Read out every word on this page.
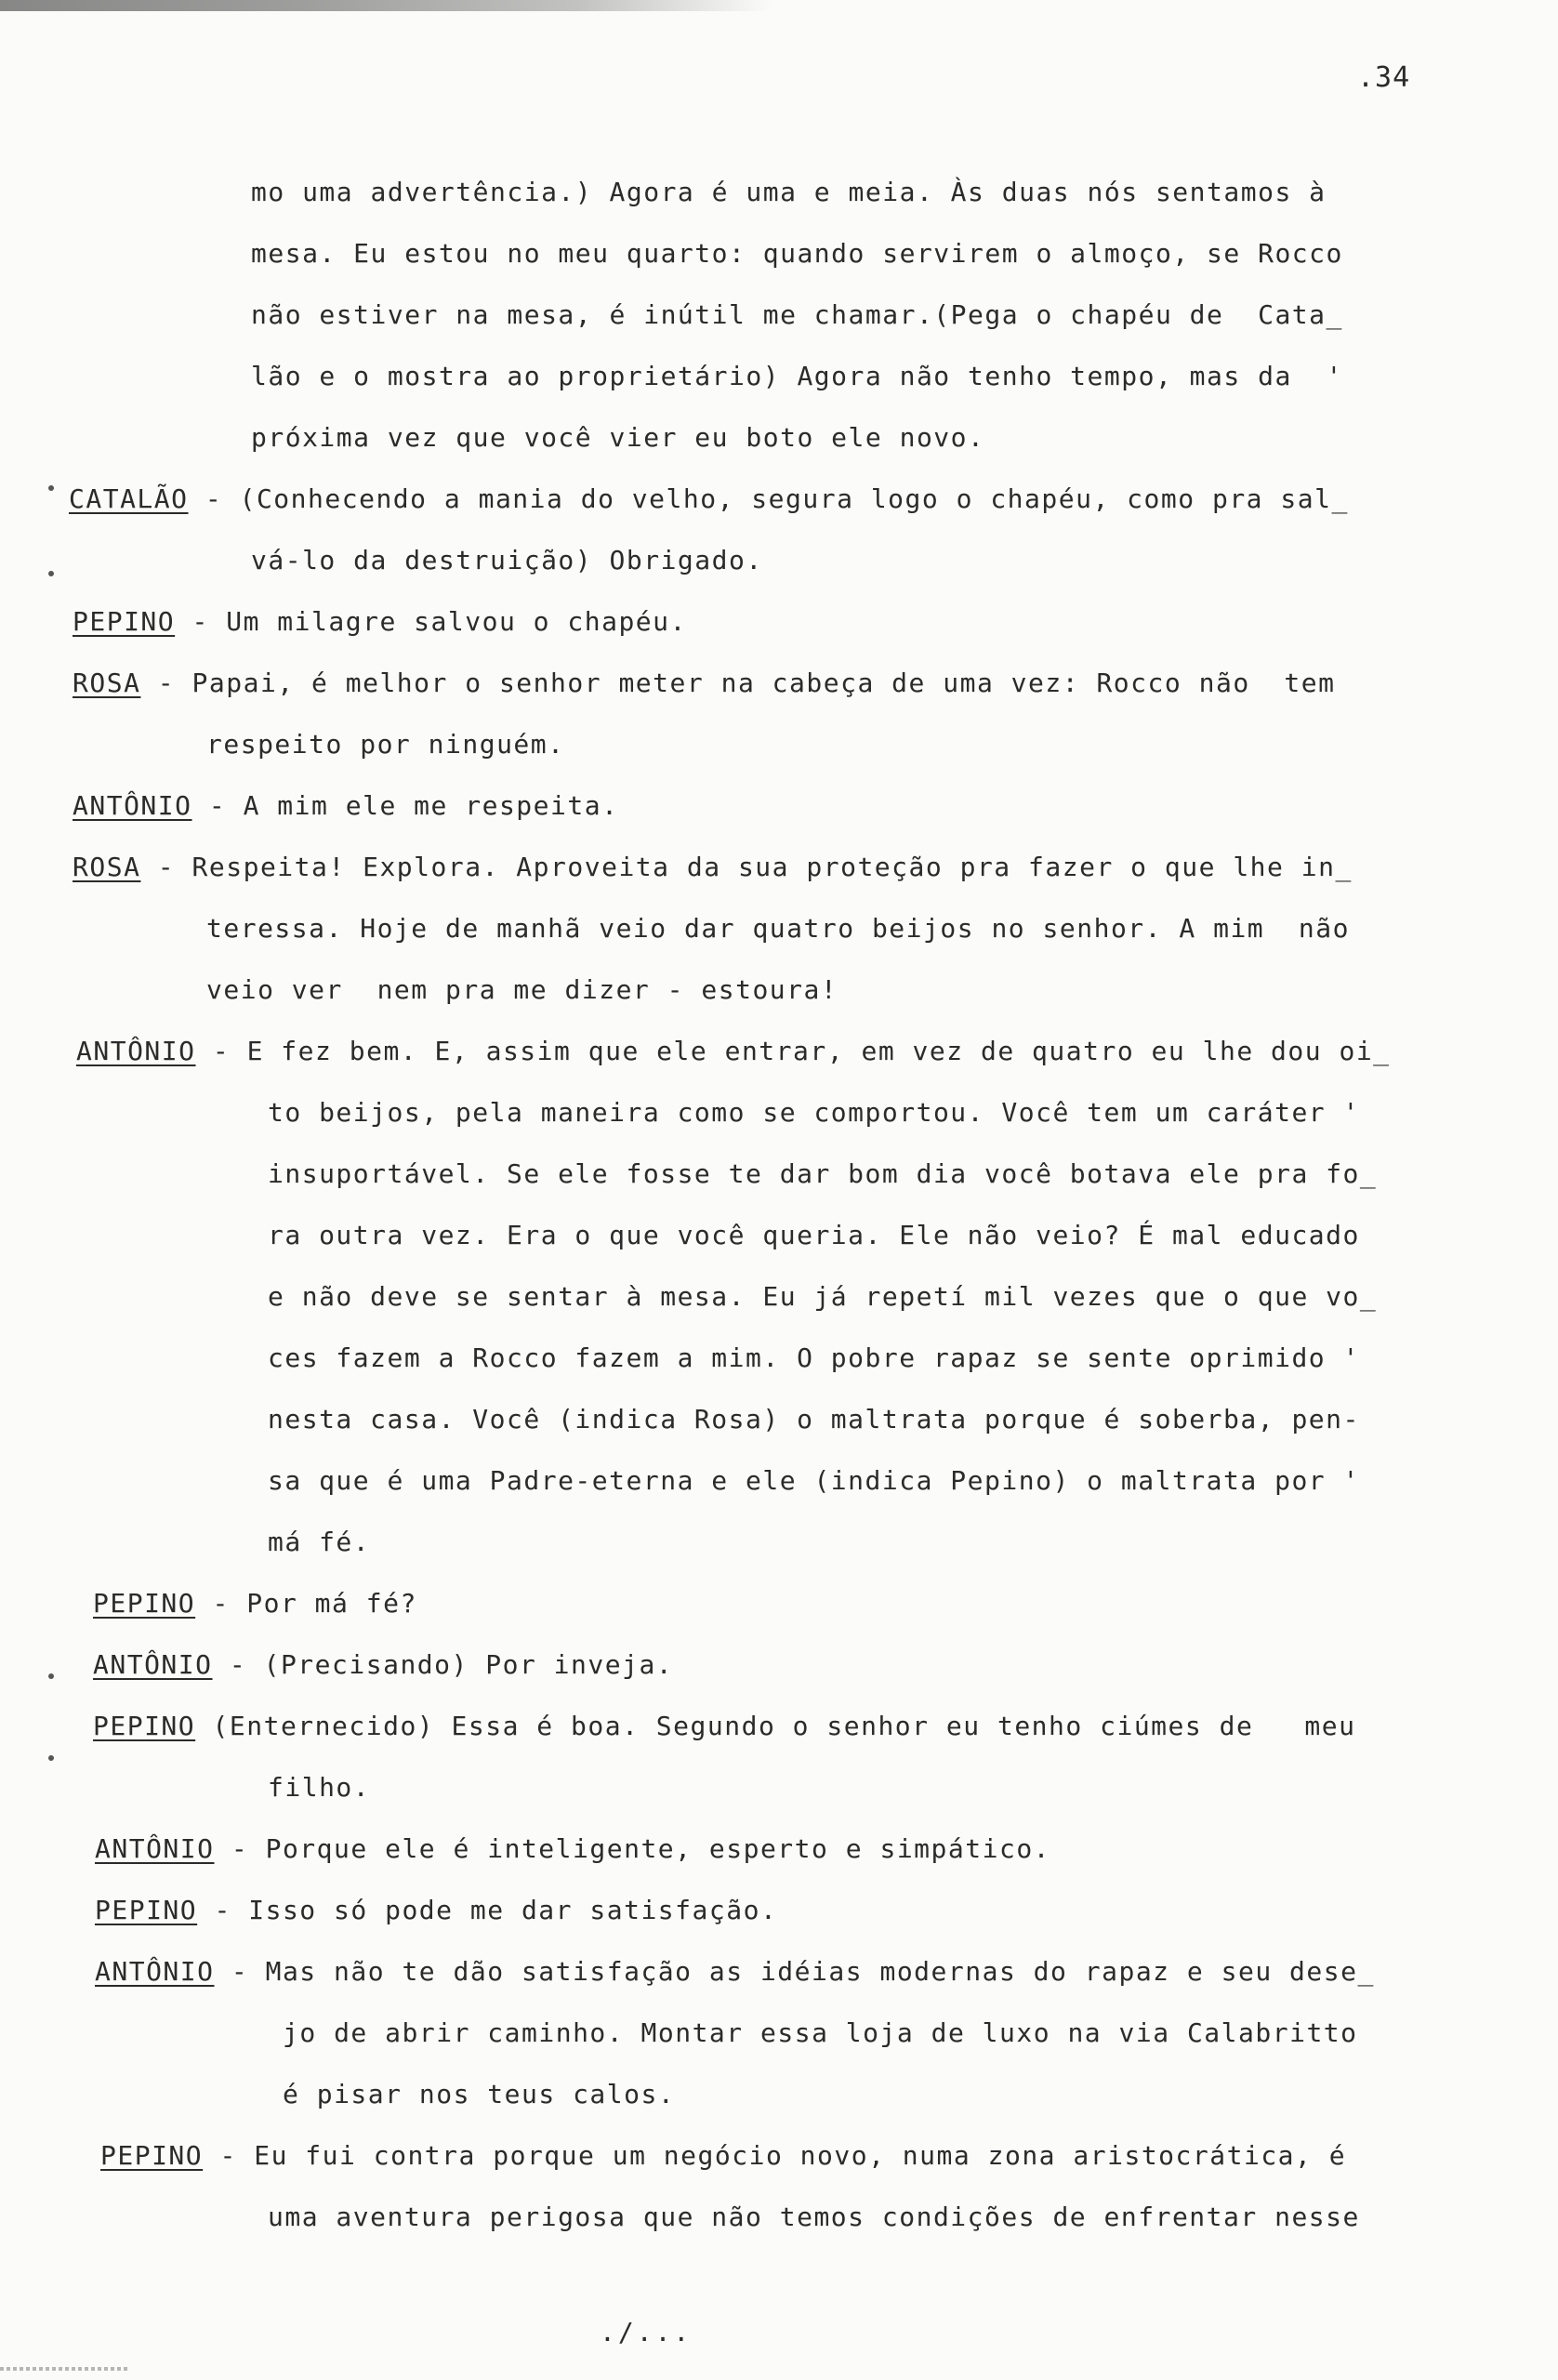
.34
mo uma advertência.) Agora é uma e meia. Às duas nós sentamos à
mesa. Eu estou no meu quarto: quando servirem o almoço, se Rocco
não estiver na mesa, é inútil me chamar.(Pega o chapéu de  Cata_
lão e o mostra ao proprietário) Agora não tenho tempo, mas da  '
próxima vez que você vier eu boto ele novo.
CATALÃO - (Conhecendo a mania do velho, segura logo o chapéu, como pra sal_
vá-lo da destruição) Obrigado.
PEPINO - Um milagre salvou o chapéu.
ROSA - Papai, é melhor o senhor meter na cabeça de uma vez: Rocco não  tem
respeito por ninguém.
ANTÔNIO - A mim ele me respeita.
ROSA - Respeita! Explora. Aproveita da sua proteção pra fazer o que lhe in_
teressa. Hoje de manhã veio dar quatro beijos no senhor. A mim  não
veio ver  nem pra me dizer - estoura!
ANTÔNIO - E fez bem. E, assim que ele entrar, em vez de quatro eu lhe dou oi_
to beijos, pela maneira como se comportou. Você tem um caráter '
insuportável. Se ele fosse te dar bom dia você botava ele pra fo_
ra outra vez. Era o que você queria. Ele não veio? É mal educado
e não deve se sentar à mesa. Eu já repetí mil vezes que o que vo_
ces fazem a Rocco fazem a mim. O pobre rapaz se sente oprimido '
nesta casa. Você (indica Rosa) o maltrata porque é soberba, pen-
sa que é uma Padre-eterna e ele (indica Pepino) o maltrata por '
má fé.
PEPINO - Por má fé?
ANTÔNIO - (Precisando) Por inveja.
PEPINO (Enternecido) Essa é boa. Segundo o senhor eu tenho ciúmes de   meu
filho.
ANTÔNIO - Porque ele é inteligente, esperto e simpático.
PEPINO - Isso só pode me dar satisfação.
ANTÔNIO - Mas não te dão satisfação as idéias modernas do rapaz e seu dese_
jo de abrir caminho. Montar essa loja de luxo na via Calabritto
é pisar nos teus calos.
PEPINO - Eu fui contra porque um negócio novo, numa zona aristocrática, é
uma aventura perigosa que não temos condições de enfrentar nesse
./...
